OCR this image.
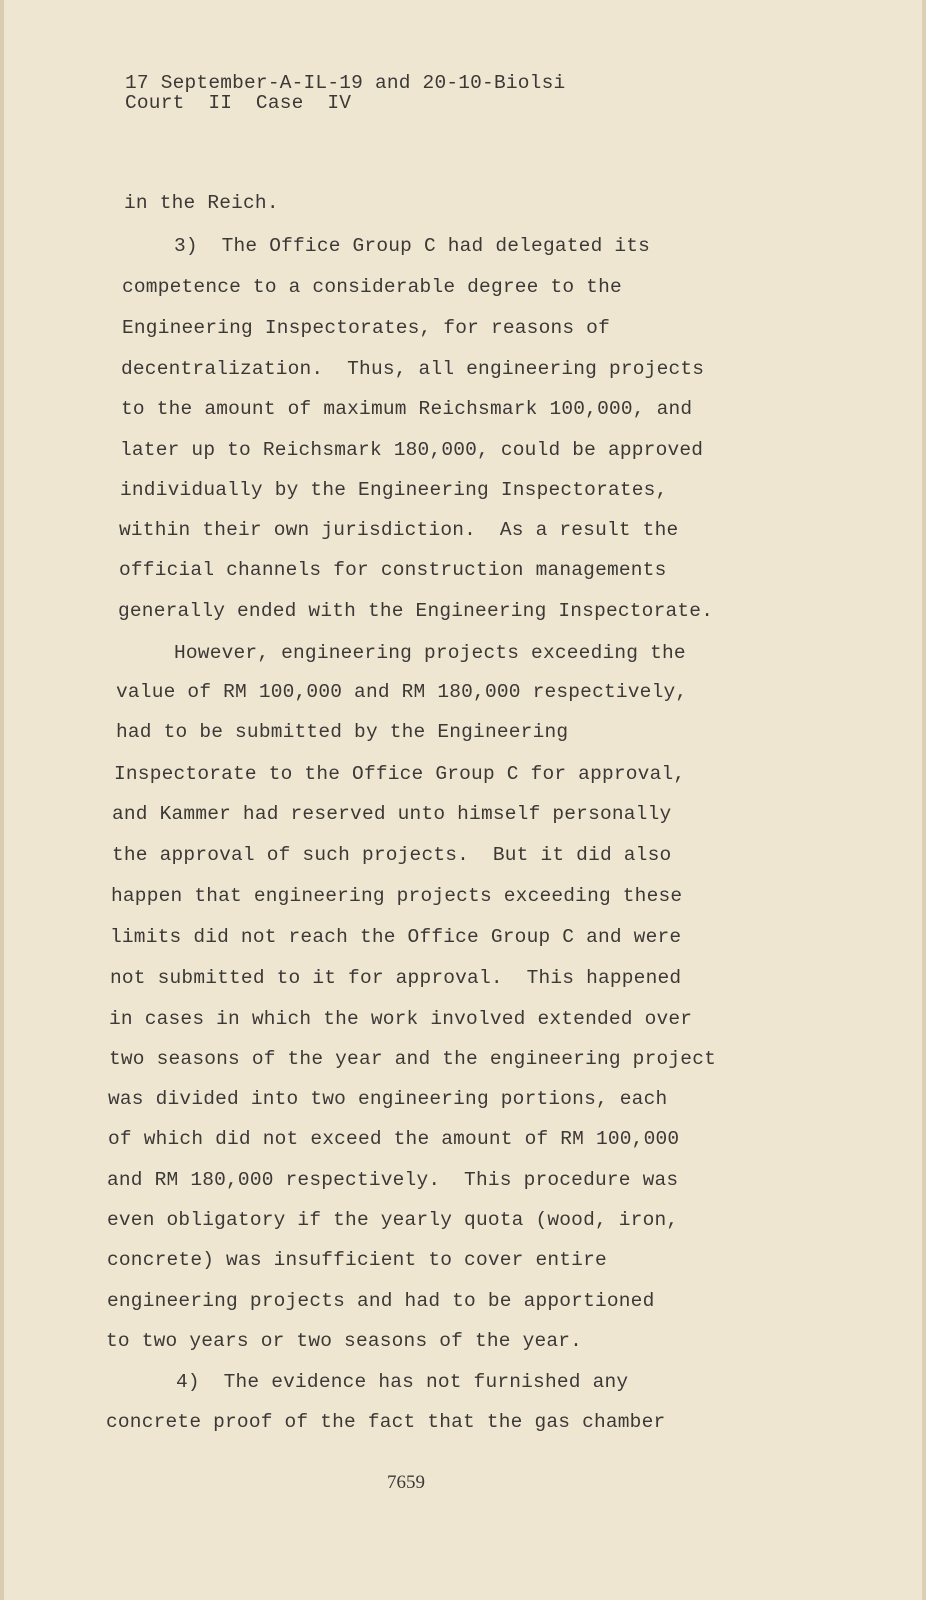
17 September-A-IL-19 and 20-10-Biolsi

Court  II  Case  IV

in the Reich.

3)  The Office Group C had delegated its

competence to a considerable degree to the

Engineering Inspectorates, for reasons of

decentralization.  Thus, all engineering projects

to the amount of maximum Reichsmark 100,000, and

later up to Reichsmark 180,000, could be approved

individually by the Engineering Inspectorates,

within their own jurisdiction.  As a result the

official channels for construction managements

generally ended with the Engineering Inspectorate.

However, engineering projects exceeding the

value of RM 100,000 and RM 180,000 respectively,

had to be submitted by the Engineering

Inspectorate to the Office Group C for approval,

and Kammer had reserved unto himself personally

the approval of such projects.  But it did also

happen that engineering projects exceeding these

limits did not reach the Office Group C and were

not submitted to it for approval.  This happened

in cases in which the work involved extended over

two seasons of the year and the engineering project

was divided into two engineering portions, each

of which did not exceed the amount of RM 100,000

and RM 180,000 respectively.  This procedure was

even obligatory if the yearly quota (wood, iron,

concrete) was insufficient to cover entire

engineering projects and had to be apportioned

to two years or two seasons of the year.

4)  The evidence has not furnished any

concrete proof of the fact that the gas chamber

7659
